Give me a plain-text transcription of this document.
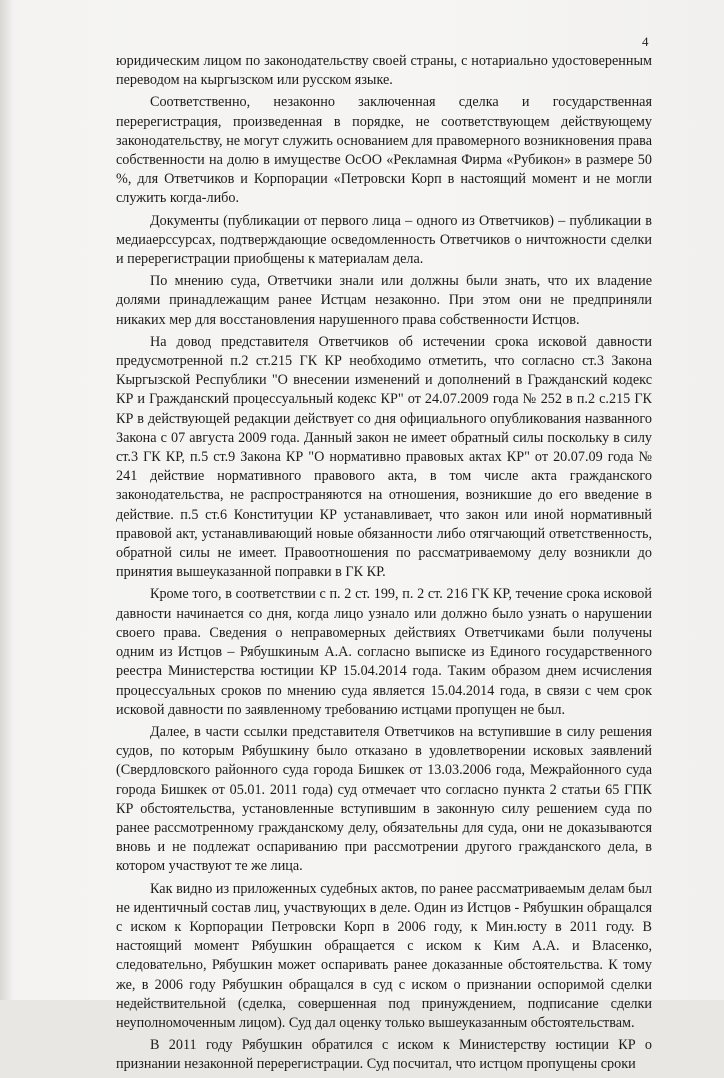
4

юридическим лицом по законодательству своей страны, с нотариально удостоверенным переводом на кыргызском или русском языке.

Соответственно, незаконно заключенная сделка и государственная перерегистрация, произведенная в порядке, не соответствующем действующему законодательству, не могут служить основанием для правомерного возникновения права собственности на долю в имуществе ОсОО «Рекламная Фирма «Рубикон» в размере 50 %, для Ответчиков и Корпорации «Петровски Корп в настоящий момент и не могли служить когда-либо.

Документы (публикации от первого лица – одного из Ответчиков) – публикации в медиаерссурсах, подтверждающие осведомленность Ответчиков о ничтожности сделки и перерегистрации приобщены к материалам дела.

По мнению суда, Ответчики знали или должны были знать, что их владение долями принадлежащим ранее Истцам незаконно. При этом они не предприняли никаких мер для восстановления нарушенного права собственности Истцов.

На довод представителя Ответчиков об истечении срока исковой давности предусмотренной п.2 ст.215 ГК КР необходимо отметить, что согласно ст.3 Закона Кыргызской Республики "О внесении изменений и дополнений в Гражданский кодекс КР и Гражданский процессуальный кодекс КР" от 24.07.2009 года № 252 в п.2 с.215 ГК КР в действующей редакции действует со дня официального опубликования названного Закона с 07 августа 2009 года. Данный закон не имеет обратный силы поскольку в силу ст.3 ГК КР, п.5 ст.9 Закона КР "О нормативно правовых актах КР" от 20.07.09 года № 241 действие нормативного правового акта, в том числе акта гражданского законодательства, не распространяются на отношения, возникшие до его введение в действие. п.5 ст.6 Конституции КР устанавливает, что закон или иной нормативный правовой акт, устанавливающий новые обязанности либо отягчающий ответственность, обратной силы не имеет. Правоотношения по рассматриваемому делу возникли до принятия вышеуказанной поправки в ГК КР.

Кроме того, в соответствии с п. 2 ст. 199, п. 2 ст. 216 ГК КР, течение срока исковой давности начинается со дня, когда лицо узнало или должно было узнать о нарушении своего права. Сведения о неправомерных действиях Ответчиками были получены одним из Истцов – Рябушкиным А.А. согласно выписке из Единого государственного реестра Министерства юстиции КР 15.04.2014 года. Таким образом днем исчисления процессуальных сроков по мнению суда является 15.04.2014 года, в связи с чем срок исковой давности по заявленному требованию истцами пропущен не был.

Далее, в части ссылки представителя Ответчиков на вступившие в силу решения судов, по которым Рябушкину было отказано в удовлетворении исковых заявлений (Свердловского районного суда города Бишкек от 13.03.2006 года, Межрайонного суда города Бишкек от 05.01. 2011 года) суд отмечает что согласно пункта 2 статьи 65 ГПК КР обстоятельства, установленные вступившим в законную силу решением суда по ранее рассмотренному гражданскому делу, обязательны для суда, они не доказываются вновь и не подлежат оспариванию при рассмотрении другого гражданского дела, в котором участвуют те же лица.

Как видно из приложенных судебных актов, по ранее рассматриваемым делам был не идентичный состав лиц, участвующих в деле. Один из Истцов - Рябушкин обращался с иском к Корпорации Петровски Корп в 2006 году, к Мин.юсту в 2011 году. В настоящий момент Рябушкин обращается с иском к Ким А.А. и Власенко, следовательно, Рябушкин может оспаривать ранее доказанные обстоятельства. К тому же, в 2006 году Рябушкин обращался в суд с иском о признании оспоримой сделки недействительной (сделка, совершенная под принуждением, подписание сделки неуполномоченным лицом). Суд дал оценку только вышеуказанным обстоятельствам.

В 2011 году Рябушкин обратился с иском к Министерству юстиции КР о признании незаконной перерегистрации. Суд посчитал, что истцом пропущены сроки
